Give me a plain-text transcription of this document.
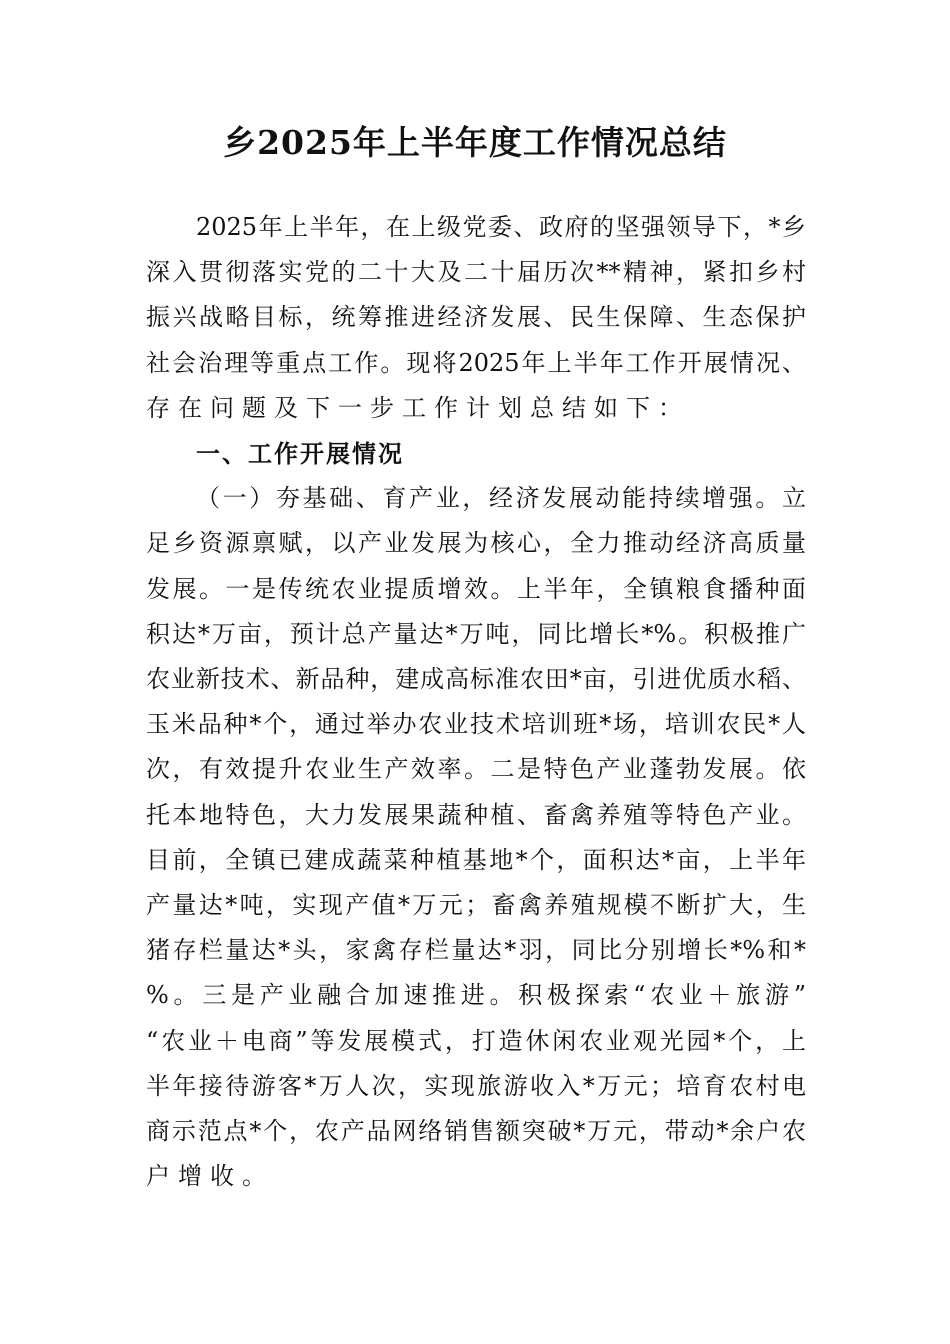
乡2025年上半年度工作情况总结
2025年上半年，在上级党委、政府的坚强领导下，*乡
深入贯彻落实党的二十大及二十届历次**精神，紧扣乡村
振兴战略目标，统筹推进经济发展、民生保障、生态保护
社会治理等重点工作。现将2025年上半年工作开展情况、
存在问题及下一步工作计划总结如下：
一、工作开展情况
（一）夯基础、育产业，经济发展动能持续增强。立
足乡资源禀赋，以产业发展为核心，全力推动经济高质量
发展。一是传统农业提质增效。上半年，全镇粮食播种面
积达*万亩，预计总产量达*万吨，同比增长*%。积极推广
农业新技术、新品种，建成高标准农田*亩，引进优质水稻、
玉米品种*个，通过举办农业技术培训班*场，培训农民*人
次，有效提升农业生产效率。二是特色产业蓬勃发展。依
托本地特色，大力发展果蔬种植、畜禽养殖等特色产业。
目前，全镇已建成蔬菜种植基地*个，面积达*亩，上半年
产量达*吨，实现产值*万元；畜禽养殖规模不断扩大，生
猪存栏量达*头，家禽存栏量达*羽，同比分别增长*%和*
%。三是产业融合加速推进。积极探索“农业＋旅游”
“农业＋电商”等发展模式，打造休闲农业观光园*个，上
半年接待游客*万人次，实现旅游收入*万元；培育农村电
商示范点*个，农产品网络销售额突破*万元，带动*余户农
户增收。
